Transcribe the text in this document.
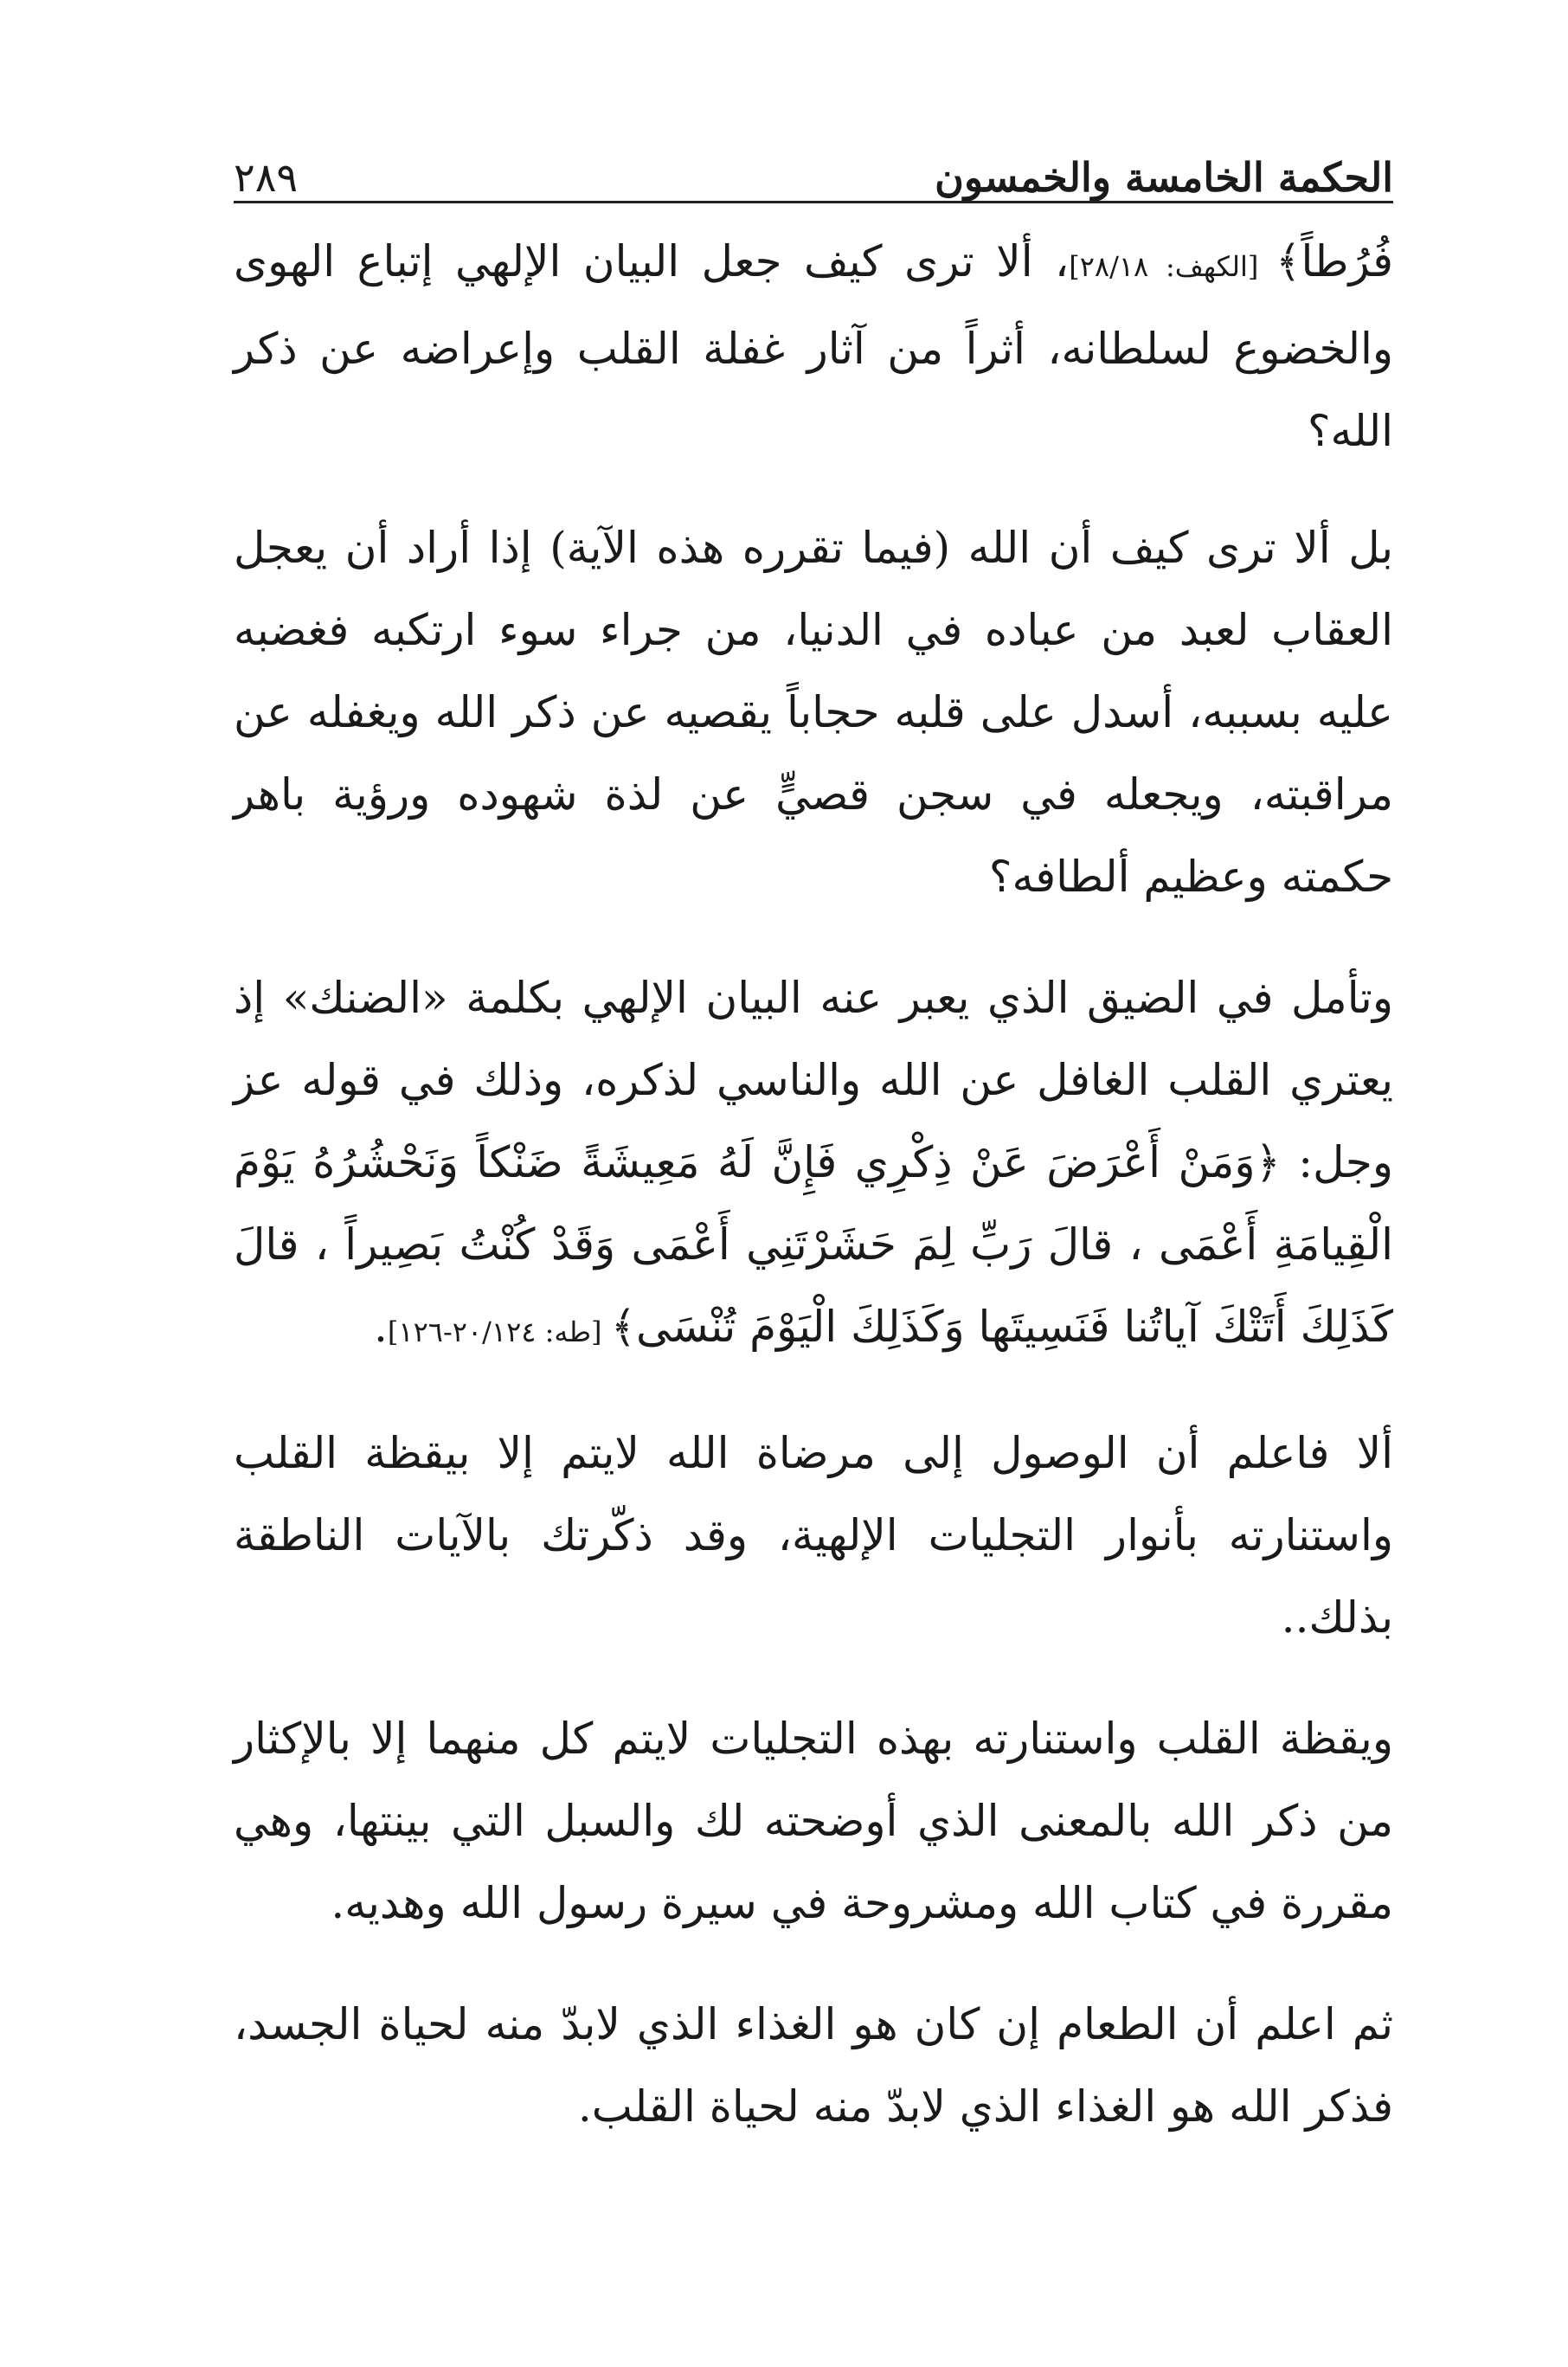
الحكمة الخامسة والخمسون
٢٨٩

فُرُطاً﴾ [الكهف: ٢٨/١٨]، ألا ترى كيف جعل البيان الإلهي إتباع الهوى والخضوع لسلطانه، أثراً من آثار غفلة القلب وإعراضه عن ذكر الله؟

بل ألا ترى كيف أن الله (فيما تقرره هذه الآية) إذا أراد أن يعجل العقاب لعبد من عباده في الدنيا، من جراء سوء ارتكبه فغضبه عليه بسببه، أسدل على قلبه حجاباً يقصيه عن ذكر الله ويغفله عن مراقبته، ويجعله في سجن قصيٍّ عن لذة شهوده ورؤية باهر حكمته وعظيم ألطافه؟

وتأمل في الضيق الذي يعبر عنه البيان الإلهي بكلمة «الضنك» إذ يعتري القلب الغافل عن الله والناسي لذكره، وذلك في قوله عز وجل: ﴿وَمَنْ أَعْرَضَ عَنْ ذِكْرِي فَإِنَّ لَهُ مَعِيشَةً ضَنْكاً وَنَحْشُرُهُ يَوْمَ الْقِيامَةِ أَعْمَى ، قالَ رَبِّ لِمَ حَشَرْتَنِي أَعْمَى وَقَدْ كُنْتُ بَصِيراً ، قالَ كَذَلِكَ أَتَتْكَ آياتُنا فَنَسِيتَها وَكَذَلِكَ الْيَوْمَ تُنْسَى﴾ [طه: ٢٠/١٢٤-١٢٦].

ألا فاعلم أن الوصول إلى مرضاة الله لايتم إلا بيقظة القلب واستنارته بأنوار التجليات الإلهية، وقد ذكّرتك بالآيات الناطقة بذلك..

ويقظة القلب واستنارته بهذه التجليات لايتم كل منهما إلا بالإكثار من ذكر الله بالمعنى الذي أوضحته لك والسبل التي بينتها، وهي مقررة في كتاب الله ومشروحة في سيرة رسول الله وهديه.

ثم اعلم أن الطعام إن كان هو الغذاء الذي لابدّ منه لحياة الجسد، فذكر الله هو الغذاء الذي لابدّ منه لحياة القلب.
